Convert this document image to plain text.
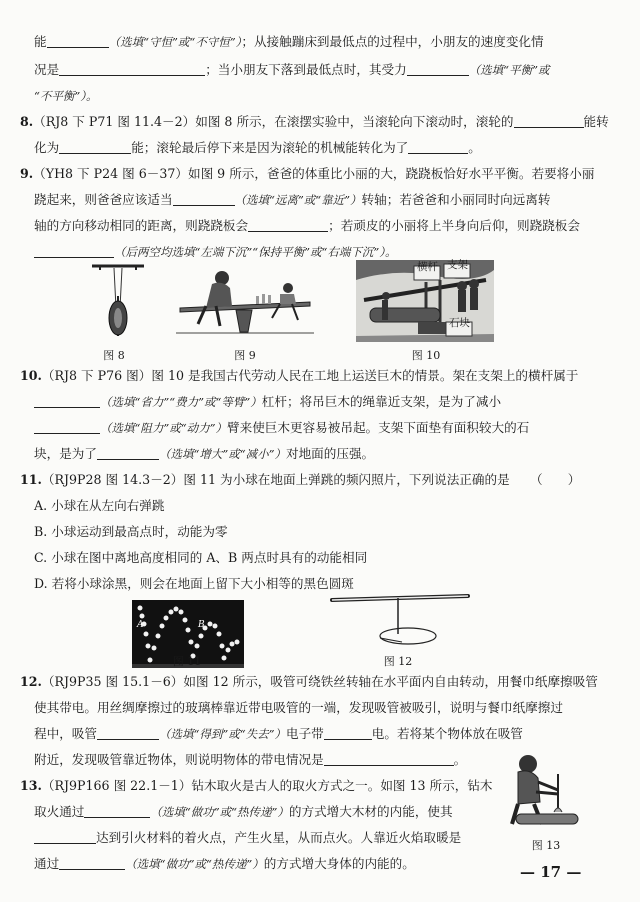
能	（选填“守恒”或“不守恒”）；从接触蹦床到最低点的过程中，小朋友的速度变化情
况是	；当小朋友下落到最低点时，其受力	（选填“平衡”或
“不平衡”）。
8.（RJ8 下 P71 图 11.4－2）如图 8 所示，在滚摆实验中，当滚轮向下滚动时，滚轮的	能转
化为	能；滚轮最后停下来是因为滚轮的机械能转化为了	。
9.（YH8 下 P24 图 6－37）如图 9 所示，爸爸的体重比小丽的大，跷跷板恰好水平平衡。若要将小丽
跷起来，则爸爸应该适当	（选填“远离”或“靠近”）转轴；若爸爸和小丽同时向远离转
轴的方向移动相同的距离，则跷跷板会	；若顽皮的小丽将上半身向后仰，则跷跷板会
（后两空均选填“左端下沉”“保持平衡”或“右端下沉”）。
横杆 支架
石块
图 8	图 9	图 10
10.（RJ8 下 P76 图）图 10 是我国古代劳动人民在工地上运送巨木的情景。架在支架上的横杆属于
（选填“省力”“费力”或“等臂”）杠杆；将吊巨木的绳靠近支架，是为了减小
（选填“阻力”或“动力”）臂来使巨木更容易被吊起。支架下面垫有面积较大的石
块，是为了	（选填“增大”或“减小”）对地面的压强。
11.（RJ9P28 图 14.3－2）图 11 为小球在地面上弹跳的频闪照片，下列说法正确的是 （　　）
A. 小球在从左向右弹跳
B. 小球运动到最高点时，动能为零
C. 小球在图中离地高度相同的 A、B 两点时具有的动能相同
D. 若将小球涂黑，则会在地面上留下大小相等的黑色圆斑
A	B
图 11	图 12
12.（RJ9P35 图 15.1－6）如图 12 所示，吸管可绕铁丝转轴在水平面内自由转动，用餐巾纸摩擦吸管
使其带电。用丝绸摩擦过的玻璃棒靠近带电吸管的一端，发现吸管被吸引，说明与餐巾纸摩擦过
程中，吸管	（选填“得到”或“失去”）电子带	电。若将某个物体放在吸管
附近，发现吸管靠近物体，则说明物体的带电情况是	。
13.（RJ9P166 图 22.1－1）钻木取火是古人的取火方式之一。如图 13 所示，钻木
取火通过	（选填“做功”或“热传递”）的方式增大木材的内能，使其
达到引火材料的着火点，产生火星，从而点火。人靠近火焰取暖是
通过	（选填“做功”或“热传递”）的方式增大身体的内能的。
图 13
— 17 —
